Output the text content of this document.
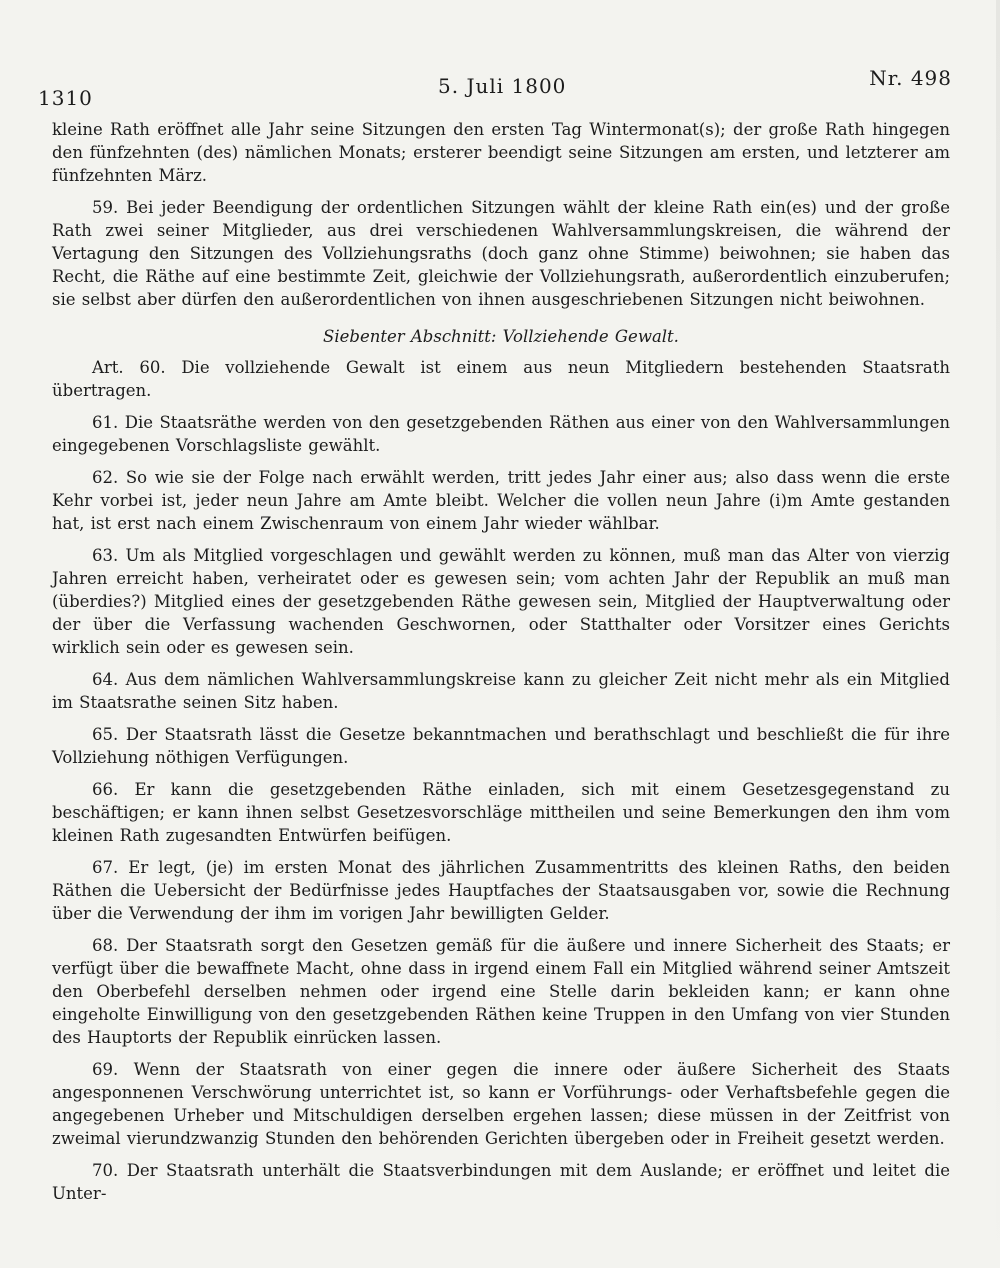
1310	5. Juli 1800	Nr. 498

kleine Rath eröffnet alle Jahr seine Sitzungen den ersten Tag Wintermonat(s); der große Rath hingegen den fünfzehnten (des) nämlichen Monats; ersterer beendigt seine Sitzungen am ersten, und letzterer am fünfzehnten März.

59. Bei jeder Beendigung der ordentlichen Sitzungen wählt der kleine Rath ein(es) und der große Rath zwei seiner Mitglieder, aus drei verschiedenen Wahlversammlungskreisen, die während der Vertagung den Sitzungen des Vollziehungsraths (doch ganz ohne Stimme) beiwohnen; sie haben das Recht, die Räthe auf eine bestimmte Zeit, gleichwie der Vollziehungsrath, außerordentlich einzuberufen; sie selbst aber dürfen den außerordentlichen von ihnen ausgeschriebenen Sitzungen nicht beiwohnen.

Siebenter Abschnitt: Vollziehende Gewalt.

Art. 60. Die vollziehende Gewalt ist einem aus neun Mitgliedern bestehenden Staatsrath übertragen.

61. Die Staatsräthe werden von den gesetzgebenden Räthen aus einer von den Wahlversammlungen eingegebenen Vorschlagsliste gewählt.

62. So wie sie der Folge nach erwählt werden, tritt jedes Jahr einer aus; also dass wenn die erste Kehr vorbei ist, jeder neun Jahre am Amte bleibt. Welcher die vollen neun Jahre (i)m Amte gestanden hat, ist erst nach einem Zwischenraum von einem Jahr wieder wählbar.

63. Um als Mitglied vorgeschlagen und gewählt werden zu können, muß man das Alter von vierzig Jahren erreicht haben, verheiratet oder es gewesen sein; vom achten Jahr der Republik an muß man (überdies?) Mitglied eines der gesetzgebenden Räthe gewesen sein, Mitglied der Hauptverwaltung oder der über die Verfassung wachenden Geschwornen, oder Statthalter oder Vorsitzer eines Gerichts wirklich sein oder es gewesen sein.

64. Aus dem nämlichen Wahlversammlungskreise kann zu gleicher Zeit nicht mehr als ein Mitglied im Staatsrathe seinen Sitz haben.

65. Der Staatsrath lässt die Gesetze bekanntmachen und berathschlagt und beschließt die für ihre Vollziehung nöthigen Verfügungen.

66. Er kann die gesetzgebenden Räthe einladen, sich mit einem Gesetzesgegenstand zu beschäftigen; er kann ihnen selbst Gesetzesvorschläge mittheilen und seine Bemerkungen den ihm vom kleinen Rath zugesandten Entwürfen beifügen.

67. Er legt, (je) im ersten Monat des jährlichen Zusammentritts des kleinen Raths, den beiden Räthen die Uebersicht der Bedürfnisse jedes Hauptfaches der Staatsausgaben vor, sowie die Rechnung über die Verwendung der ihm im vorigen Jahr bewilligten Gelder.

68. Der Staatsrath sorgt den Gesetzen gemäß für die äußere und innere Sicherheit des Staats; er verfügt über die bewaffnete Macht, ohne dass in irgend einem Fall ein Mitglied während seiner Amtszeit den Oberbefehl derselben nehmen oder irgend eine Stelle darin bekleiden kann; er kann ohne eingeholte Einwilligung von den gesetzgebenden Räthen keine Truppen in den Umfang von vier Stunden des Hauptorts der Republik einrücken lassen.

69. Wenn der Staatsrath von einer gegen die innere oder äußere Sicherheit des Staats angesponnenen Verschwörung unterrichtet ist, so kann er Vorführungs- oder Verhaftsbefehle gegen die angegebenen Urheber und Mitschuldigen derselben ergehen lassen; diese müssen in der Zeitfrist von zweimal vierundzwanzig Stunden den behörenden Gerichten übergeben oder in Freiheit gesetzt werden.

70. Der Staatsrath unterhält die Staatsverbindungen mit dem Auslande; er eröffnet und leitet die Unter-
